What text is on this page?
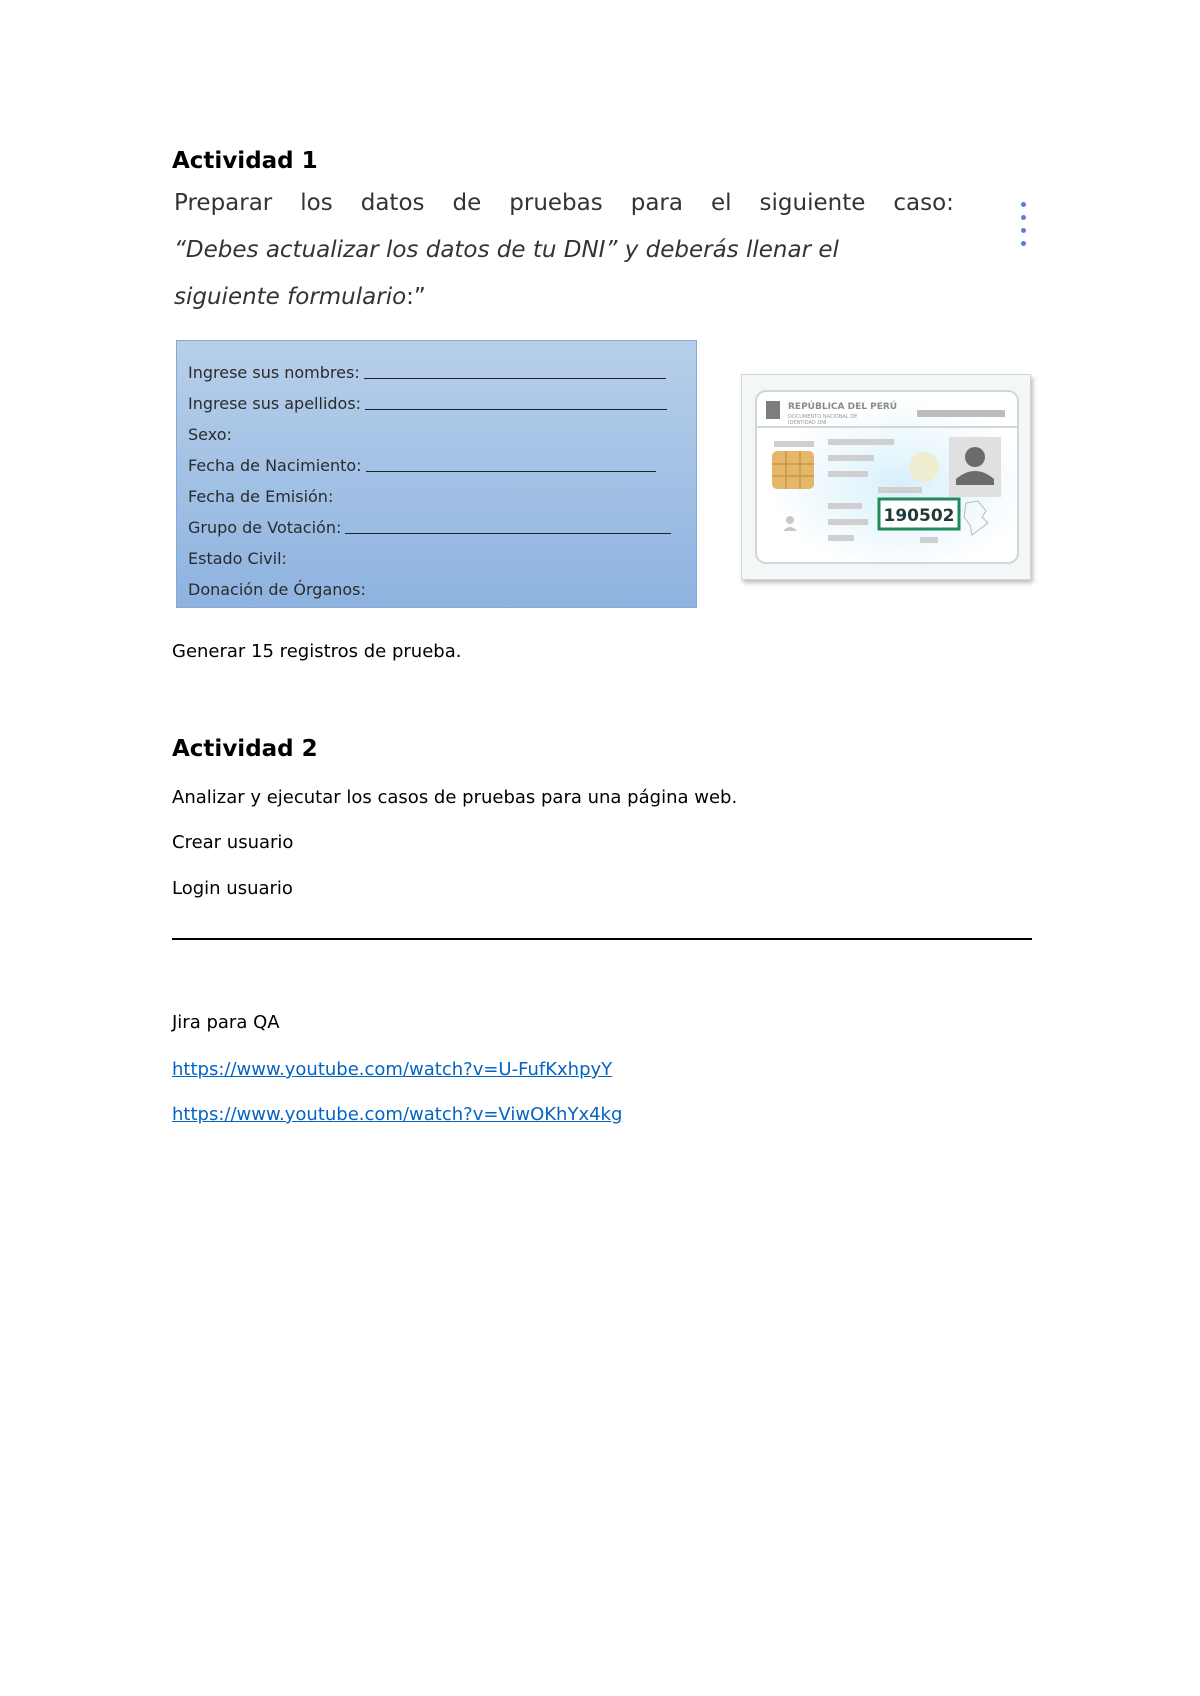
Actividad 1
Preparar los datos de pruebas para el siguiente caso:
“Debes actualizar los datos de tu DNI” y deberás llenar el
siguiente formulario:”
Ingrese sus nombres:
Ingrese sus apellidos:
Sexo:
Fecha de Nacimiento:
Fecha de Emisión:
Grupo de Votación:
Estado Civil:
Donación de Órganos:
REPÚBLICA DEL PERÚ
DOCUMENTO NACIONAL DE
IDENTIDAD DNI
190502
Generar 15 registros de prueba.
Actividad 2
Analizar y ejecutar los casos de pruebas para una página web.
Crear usuario
Login usuario
Jira para QA
https://www.youtube.com/watch?v=U-FufKxhpyY
https://www.youtube.com/watch?v=ViwOKhYx4kg
